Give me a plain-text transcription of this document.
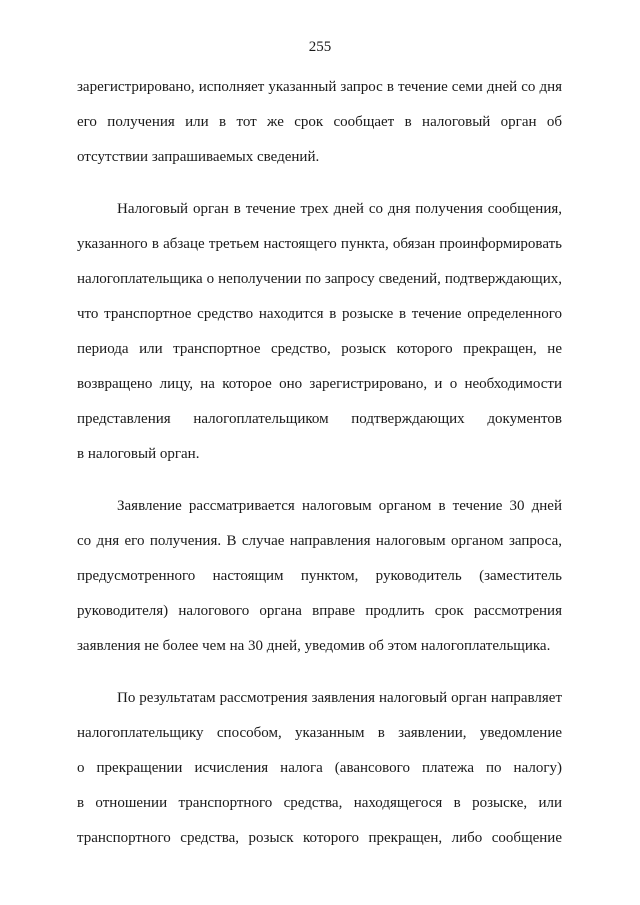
255
зарегистрировано, исполняет указанный запрос в течение семи дней со дня
его получения или в тот же срок сообщает в налоговый орган об
отсутствии запрашиваемых сведений.
Налоговый орган в течение трех дней со дня получения сообщения,
указанного в абзаце третьем настоящего пункта, обязан проинформировать
налогоплательщика о неполучении по запросу сведений, подтверждающих,
что транспортное средство находится в розыске в течение определенного
периода или транспортное средство, розыск которого прекращен, не
возвращено лицу, на которое оно зарегистрировано, и о необходимости
представления налогоплательщиком подтверждающих документов
в налоговый орган.
Заявление рассматривается налоговым органом в течение 30 дней
со дня его получения. В случае направления налоговым органом запроса,
предусмотренного настоящим пунктом, руководитель (заместитель
руководителя) налогового органа вправе продлить срок рассмотрения
заявления не более чем на 30 дней, уведомив об этом налогоплательщика.
По результатам рассмотрения заявления налоговый орган направляет
налогоплательщику способом, указанным в заявлении, уведомление
о прекращении исчисления налога (авансового платежа по налогу)
в отношении транспортного средства, находящегося в розыске, или
транспортного средства, розыск которого прекращен, либо сообщение
